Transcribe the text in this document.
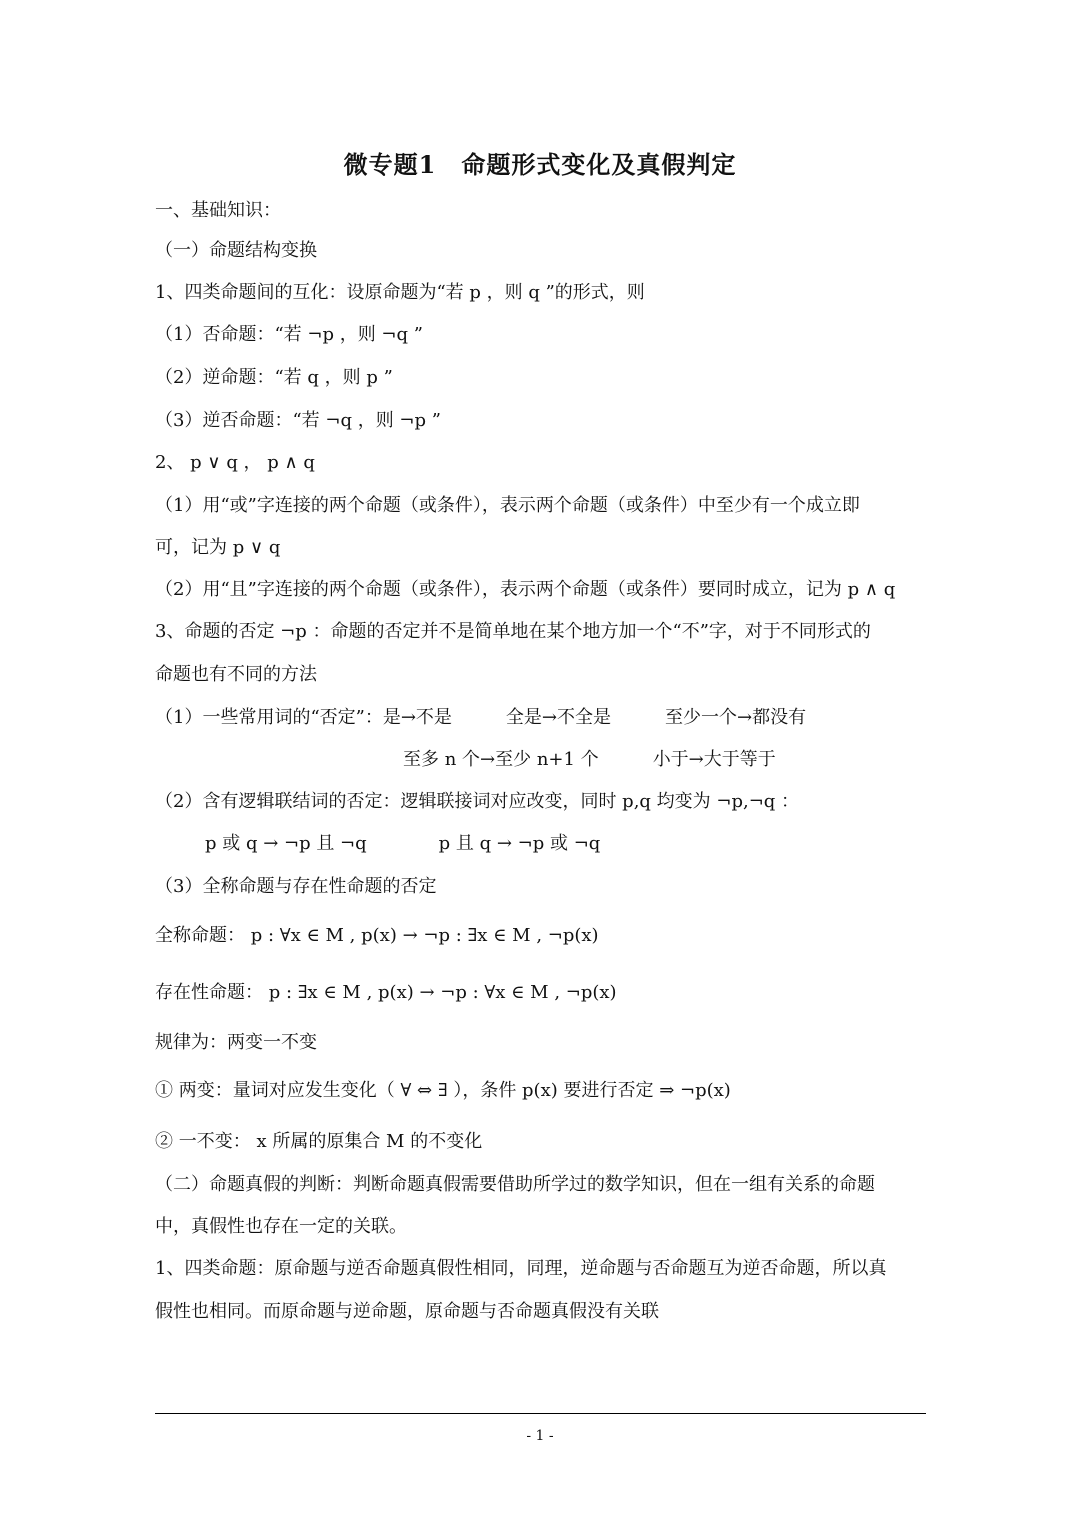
微专题1　命题形式变化及真假判定
一、基础知识：
（一）命题结构变换
1、四类命题间的互化：设原命题为“若 p ，则 q ”的形式，则
（1）否命题：“若 ¬p ，则 ¬q ”
（2）逆命题：“若 q ，则 p ”
（3）逆否命题：“若 ¬q ，则 ¬p ”
2、 p ∨ q ， p ∧ q
（1）用“或”字连接的两个命题（或条件），表示两个命题（或条件）中至少有一个成立即
可，记为 p ∨ q
（2）用“且”字连接的两个命题（或条件），表示两个命题（或条件）要同时成立，记为 p ∧ q
3、命题的否定 ¬p ：命题的否定并不是简单地在某个地方加一个“不”字，对于不同形式的
命题也有不同的方法
（1）一些常用词的“否定”：是→不是　　　全是→不全是　　　至少一个→都没有
至多 n 个→至少 n+1 个　　　小于→大于等于
（2）含有逻辑联结词的否定：逻辑联接词对应改变，同时 p,q 均变为 ¬p,¬q ：
p 或 q → ¬p 且 ¬q　　　　p 且 q → ¬p 或 ¬q
（3）全称命题与存在性命题的否定
全称命题： p : ∀x ∈ M , p(x) → ¬p : ∃x ∈ M , ¬p(x)
存在性命题： p : ∃x ∈ M , p(x) → ¬p : ∀x ∈ M , ¬p(x)
规律为：两变一不变
① 两变：量词对应发生变化（ ∀ ⇔ ∃ ），条件 p(x) 要进行否定 ⇒ ¬p(x)
② 一不变： x 所属的原集合 M 的不变化
（二）命题真假的判断：判断命题真假需要借助所学过的数学知识，但在一组有关系的命题
中，真假性也存在一定的关联。
1、四类命题：原命题与逆否命题真假性相同，同理，逆命题与否命题互为逆否命题，所以真
假性也相同。而原命题与逆命题，原命题与否命题真假没有关联
- 1 -
